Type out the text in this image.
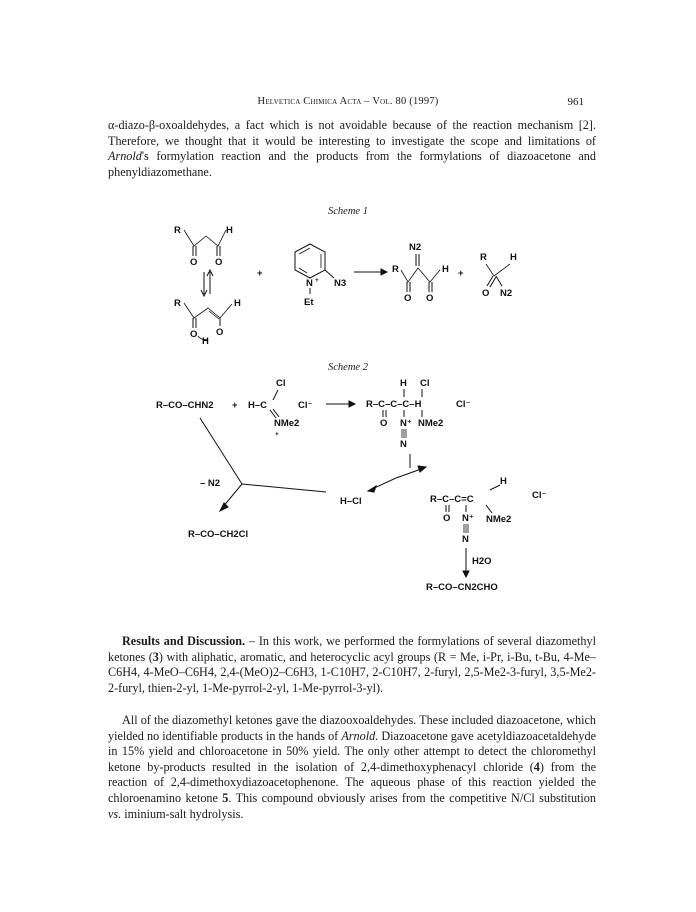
Helvetica Chimica Acta – Vol. 80 (1997)	961

α-diazo-β-oxoaldehydes, a fact which is not avoidable because of the reaction mechanism [2]. Therefore, we thought that it would be interesting to investigate the scope and limitations of Arnold's formylation reaction and the products from the formylations of diazoacetone and phenyldiazomethane.

Scheme 1
R	H
O O
R	H
O O
H
+
N +
Et
N3
N2
R	H
O O
+
R H
O N2
Scheme 2
R–CO–CHN2 + H–C
Cl
NMe2
+
Cl⁻
H Cl
R–C–C–C–H	Cl⁻
O N⁺ NMe2
N
– N2
R–CO–CH2Cl
H–Cl
H
R–C–C=C	Cl⁻
O N⁺ NMe2
N
H2O
R–CO–CN2CHO

Results and Discussion. – In this work, we performed the formylations of several diazomethyl ketones (3) with aliphatic, aromatic, and heterocyclic acyl groups (R = Me, i-Pr, i-Bu, t-Bu, 4-Me–C6H4, 4-MeO–C6H4, 2,4-(MeO)2–C6H3, 1-C10H7, 2-C10H7, 2-furyl, 2,5-Me2-3-furyl, 3,5-Me2-2-furyl, thien-2-yl, 1-Me-pyrrol-2-yl, 1-Me-pyrrol-3-yl).

All of the diazomethyl ketones gave the diazooxoaldehydes. These included diazoacetone, which yielded no identifiable products in the hands of Arnold. Diazoacetone gave acetyldiazoacetaldehyde in 15% yield and chloroacetone in 50% yield. The only other attempt to detect the chloromethyl ketone by-products resulted in the isolation of 2,4-dimethoxyphenacyl chloride (4) from the reaction of 2,4-dimethoxydiazoacetophenone. The aqueous phase of this reaction yielded the chloroenamino ketone 5. This compound obviously arises from the competitive N/Cl substitution vs. iminium-salt hydrolysis.
